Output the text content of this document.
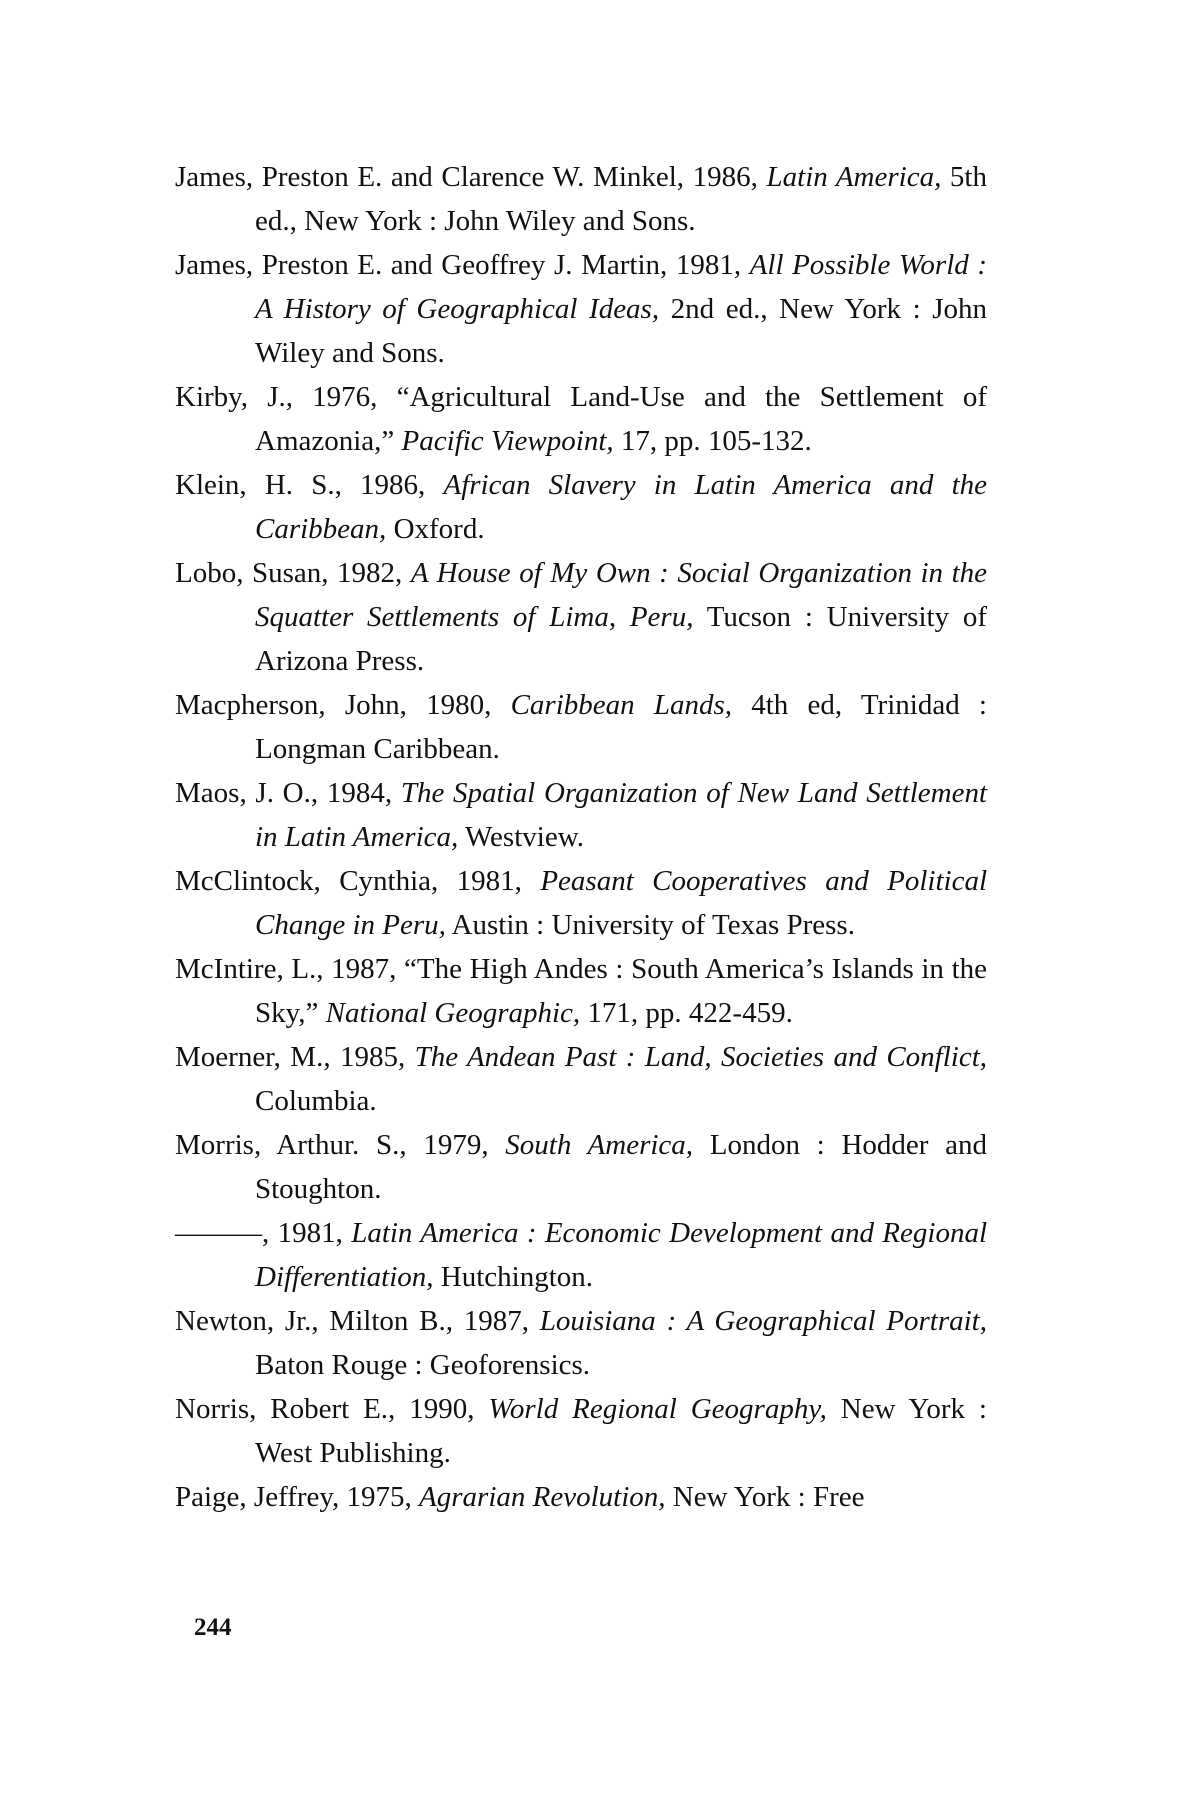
James, Preston E. and Clarence W. Minkel, 1986, Latin America, 5th ed., New York : John Wiley and Sons.

James, Preston E. and Geoffrey J. Martin, 1981, All Possible World : A History of Geographical Ideas, 2nd ed., New York : John Wiley and Sons.

Kirby, J., 1976, “Agricultural Land-Use and the Settlement of Amazonia,” Pacific Viewpoint, 17, pp. 105-132.

Klein, H. S., 1986, African Slavery in Latin America and the Caribbean, Oxford.

Lobo, Susan, 1982, A House of My Own : Social Organization in the Squatter Settlements of Lima, Peru, Tucson : University of Arizona Press.

Macpherson, John, 1980, Caribbean Lands, 4th ed, Trinidad : Longman Caribbean.

Maos, J. O., 1984, The Spatial Organization of New Land Settlement in Latin America, Westview.

McClintock, Cynthia, 1981, Peasant Cooperatives and Political Change in Peru, Austin : University of Texas Press.

McIntire, L., 1987, “The High Andes : South America’s Islands in the Sky,” National Geographic, 171, pp. 422-459.

Moerner, M., 1985, The Andean Past : Land, Societies and Conflict, Columbia.

Morris, Arthur. S., 1979, South America, London : Hodder and Stoughton.

———, 1981, Latin America : Economic Development and Regional Differentiation, Hutchington.

Newton, Jr., Milton B., 1987, Louisiana : A Geographical Portrait, Baton Rouge : Geoforensics.

Norris, Robert E., 1990, World Regional Geography, New York : West Publishing.

Paige, Jeffrey, 1975, Agrarian Revolution, New York : Free

244
